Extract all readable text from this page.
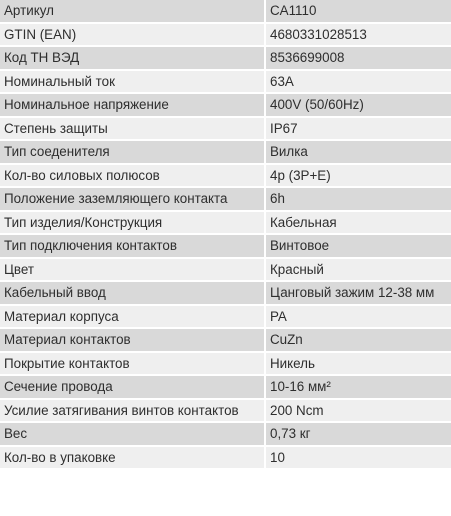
Артикул	CA1110
GTIN (EAN)	4680331028513
Код ТН ВЭД	8536699008
Номинальный ток	63А
Номинальное напряжение	400V (50/60Hz)
Степень защиты	IP67
Тип соеденителя	Вилка
Кол-во силовых полюсов	4р (3Р+Е)
Положение заземляющего контакта	6h
Тип изделия/Конструкция	Кабельная
Тип подключения контактов	Винтовое
Цвет	Красный
Кабельный ввод	Цанговый зажим 12-38 мм
Материал корпуса	PA
Материал контактов	CuZn
Покрытие контактов	Никель
Сечение провода	10-16 мм²
Усилие затягивания винтов контактов	200 Ncm
Вес	0,73 кг
Кол-во в упаковке	10
